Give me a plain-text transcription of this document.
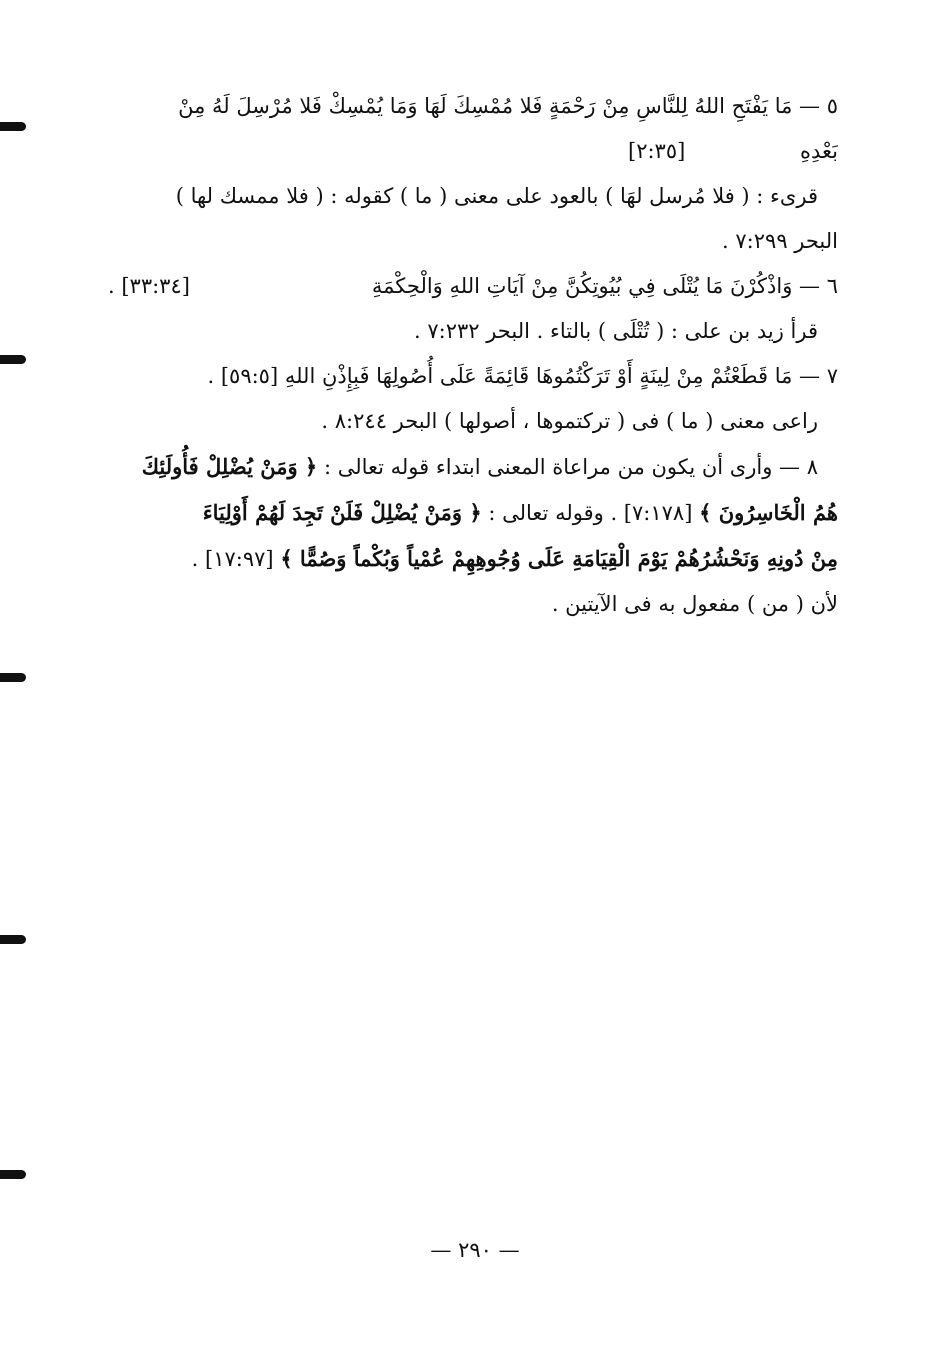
٥ — مَا يَفْتَحِ اللهُ لِلنَّاسِ مِنْ رَحْمَةٍ فَلا مُمْسِكَ لَهَا وَمَا يُمْسِكْ فَلا مُرْسِلَ لَهُ مِنْ
بَعْدِهِ
[٢:٣٥]
قرىء : ( فلا مُرسل لهَا ) بالعود على معنى ( ما ) كقوله : ( فلا ممسك لها )
البحر ٧:٢٩٩ .
٦ — وَاذْكُرْنَ مَا يُتْلَى فِي بُيُوتِكُنَّ مِنْ آيَاتِ اللهِ وَالْحِكْمَةِ
[٣٣:٣٤] .
قرأ زيد بن على : ( تُتْلَى ) بالتاء . البحر ٧:٢٣٢ .
٧ — مَا قَطَعْتُمْ مِنْ لِينَةٍ أَوْ تَرَكْتُمُوهَا قَائِمَةً عَلَى أُصُولِهَا فَبِإِذْنِ اللهِ [٥٩:٥] .
راعى معنى ( ما ) فى ( تركتموها ، أصولها ) البحر ٨:٢٤٤ .
٨ — وأرى أن يكون من مراعاة المعنى ابتداء قوله تعالى : ﴿ وَمَنْ يُضْلِلْ فَأُولَئِكَ
هُمُ الْخَاسِرُونَ ﴾ [٧:١٧٨] . وقوله تعالى : ﴿ وَمَنْ يُضْلِلْ فَلَنْ تَجِدَ لَهُمْ أَوْلِيَاءَ
مِنْ دُونِهِ وَنَحْشُرُهُمْ يَوْمَ الْقِيَامَةِ عَلَى وُجُوهِهِمْ عُمْياً وَبُكْماً وَصُمًّا ﴾ [١٧:٩٧] .
لأن ( من ) مفعول به فى الآيتين .
— ٢٩٠ —
